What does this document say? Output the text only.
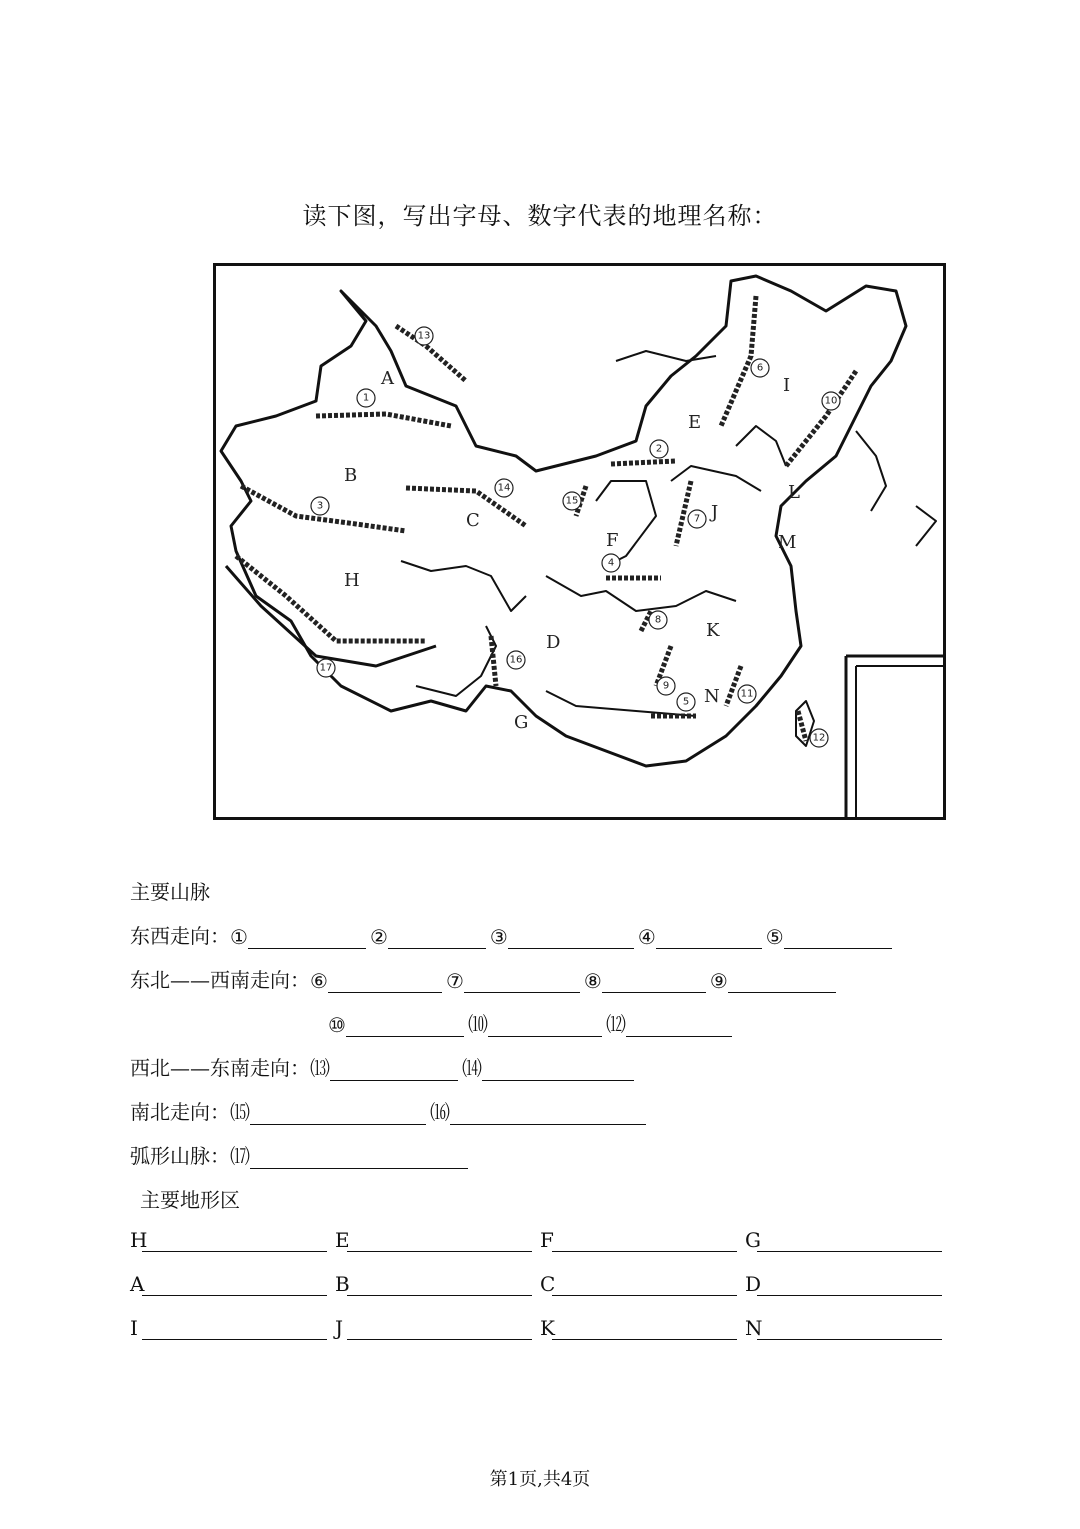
读下图，写出字母、数字代表的地理名称：
A
B
C
D
E
F
G
H
I
J
K
L
M
N
1
2
3
4
5
6
7
8
9
10
11
12
13
14
15
16
17
主要山脉
东西走向： ①	②	③	④	⑤
东北——西南走向： ⑥	⑦	⑧	⑨
⑩	⑽	⑿
西北——东南走向： ⒀	⒁
南北走向： ⒂	⒃
弧形山脉： ⒄
主要地形区
H	E	F	G
A	B	C	D
I	J	K	N
第1页,共4页
